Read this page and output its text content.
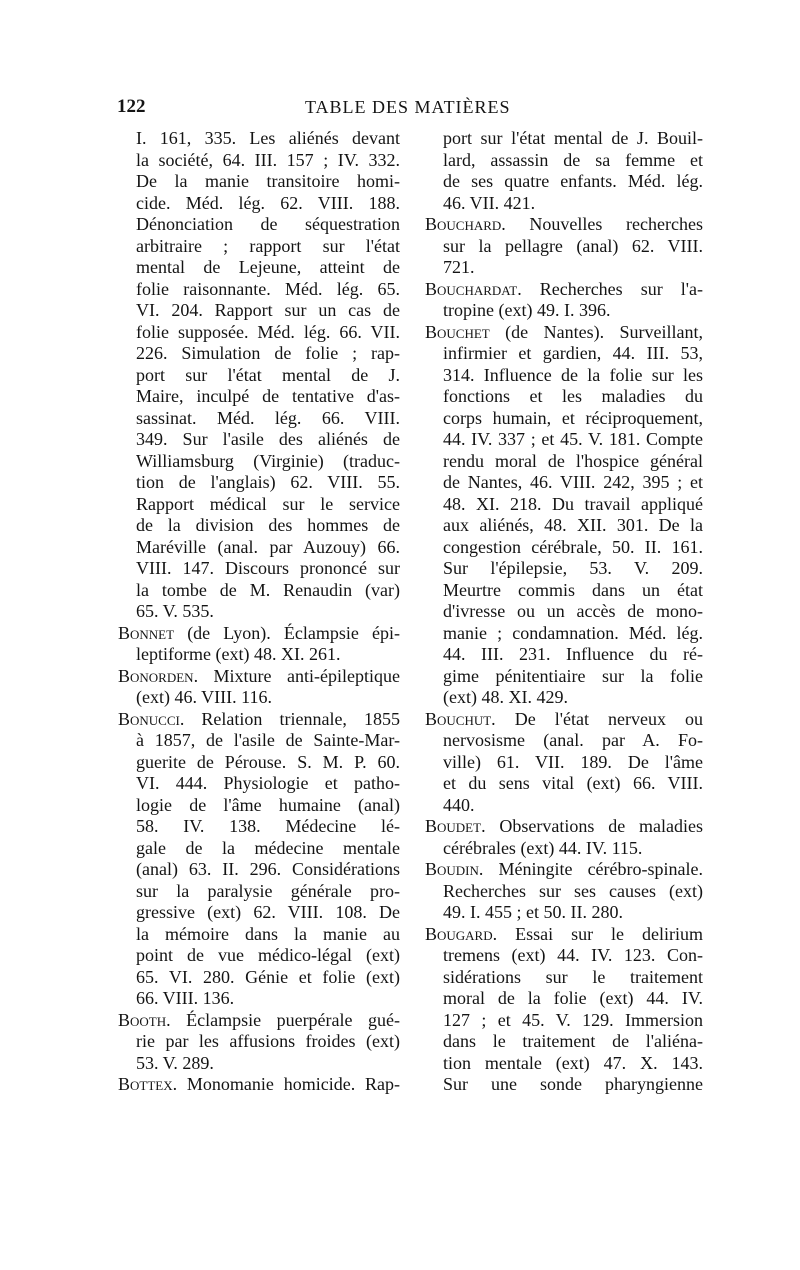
122	TABLE DES MATIÈRES
I. 161, 335. Les aliénés devant
la société, 64. III. 157 ; IV. 332.
De la manie transitoire homi-
cide. Méd. lég. 62. VIII. 188.
Dénonciation de séquestration
arbitraire ; rapport sur l'état
mental de Lejeune, atteint de
folie raisonnante. Méd. lég. 65.
VI. 204. Rapport sur un cas de
folie supposée. Méd. lég. 66. VII.
226. Simulation de folie ; rap-
port sur l'état mental de J.
Maire, inculpé de tentative d'as-
sassinat. Méd. lég. 66. VIII.
349. Sur l'asile des aliénés de
Williamsburg (Virginie) (traduc-
tion de l'anglais) 62. VIII. 55.
Rapport médical sur le service
de la division des hommes de
Maréville (anal. par Auzouy) 66.
VIII. 147. Discours prononcé sur
la tombe de M. Renaudin (var)
65. V. 535.
Bonnet (de Lyon). Éclampsie épi-
leptiforme (ext) 48. XI. 261.
Bonorden. Mixture anti-épileptique
(ext) 46. VIII. 116.
Bonucci. Relation triennale, 1855
à 1857, de l'asile de Sainte-Mar-
guerite de Pérouse. S. M. P. 60.
VI. 444. Physiologie et patho-
logie de l'âme humaine (anal)
58. IV. 138. Médecine lé-
gale de la médecine mentale
(anal) 63. II. 296. Considérations
sur la paralysie générale pro-
gressive (ext) 62. VIII. 108. De
la mémoire dans la manie au
point de vue médico-légal (ext)
65. VI. 280. Génie et folie (ext)
66. VIII. 136.
Booth. Éclampsie puerpérale gué-
rie par les affusions froides (ext)
53. V. 289.
Bottex. Monomanie homicide. Rap-
port sur l'état mental de J. Bouil-
lard, assassin de sa femme et
de ses quatre enfants. Méd. lég.
46. VII. 421.
Bouchard. Nouvelles recherches
sur la pellagre (anal) 62. VIII.
721.
Bouchardat. Recherches sur l'a-
tropine (ext) 49. I. 396.
Bouchet (de Nantes). Surveillant,
infirmier et gardien, 44. III. 53,
314. Influence de la folie sur les
fonctions et les maladies du
corps humain, et réciproquement,
44. IV. 337 ; et 45. V. 181. Compte
rendu moral de l'hospice général
de Nantes, 46. VIII. 242, 395 ; et
48. XI. 218. Du travail appliqué
aux aliénés, 48. XII. 301. De la
congestion cérébrale, 50. II. 161.
Sur l'épilepsie, 53. V. 209.
Meurtre commis dans un état
d'ivresse ou un accès de mono-
manie ; condamnation. Méd. lég.
44. III. 231. Influence du ré-
gime pénitentiaire sur la folie
(ext) 48. XI. 429.
Bouchut. De l'état nerveux ou
nervosisme (anal. par A. Fo-
ville) 61. VII. 189. De l'âme
et du sens vital (ext) 66. VIII.
440.
Boudet. Observations de maladies
cérébrales (ext) 44. IV. 115.
Boudin. Méningite cérébro-spinale.
Recherches sur ses causes (ext)
49. I. 455 ; et 50. II. 280.
Bougard. Essai sur le delirium
tremens (ext) 44. IV. 123. Con-
sidérations sur le traitement
moral de la folie (ext) 44. IV.
127 ; et 45. V. 129. Immersion
dans le traitement de l'aliéna-
tion mentale (ext) 47. X. 143.
Sur une sonde pharyngienne
